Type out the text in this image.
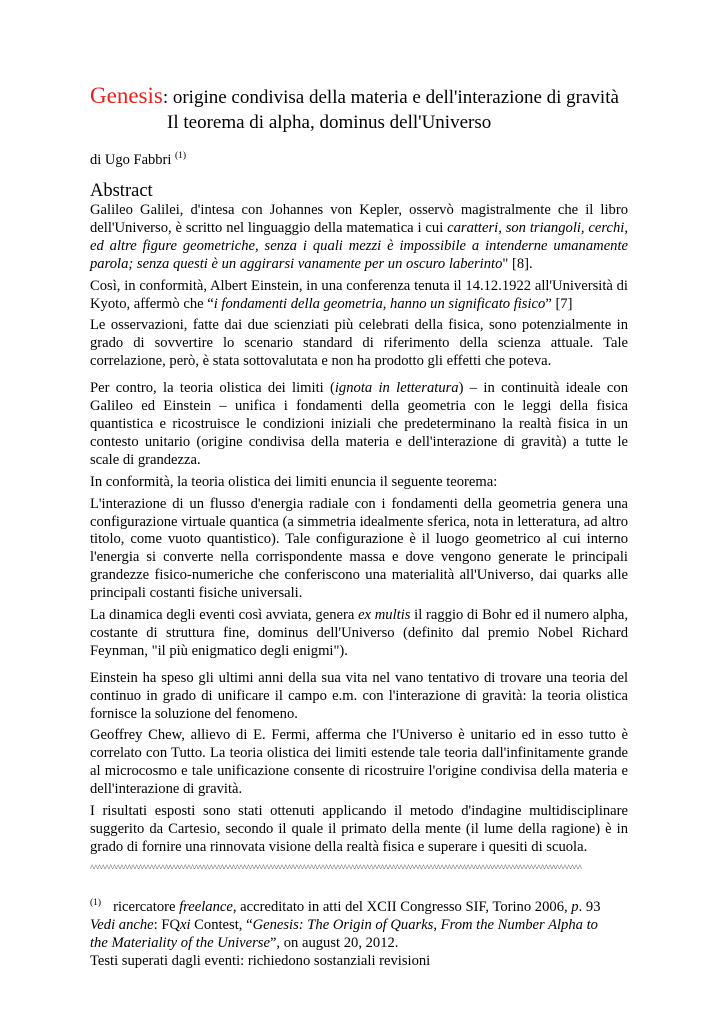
Genesis: origine condivisa della materia e dell'interazione di gravità
Il teorema di alpha, dominus dell'Universo
di Ugo Fabbri $^{(1)}$
Abstract

Galileo Galilei, d'intesa con Johannes von Kepler, osservò magistralmente che il libro dell'Universo, è scritto nel linguaggio della matematica i cui caratteri, son triangoli, cerchi, ed altre figure geometriche, senza i quali mezzi è impossibile a intenderne umanamente parola; senza questi è un aggirarsi vanamente per un oscuro laberinto" [8].

Così, in conformità, Albert Einstein, in una conferenza tenuta il 14.12.1922 all'Università di Kyoto, affermò che “i fondamenti della geometria, hanno un significato fisico” [7]

Le osservazioni, fatte dai due scienziati più celebrati della fisica, sono potenzialmente in grado di sovvertire lo scenario standard di riferimento della scienza attuale. Tale correlazione, però, è stata sottovalutata e non ha prodotto gli effetti che poteva.

Per contro, la teoria olistica dei limiti (ignota in letteratura) – in continuità ideale con Galileo ed Einstein – unifica i fondamenti della geometria con le leggi della fisica quantistica e ricostruisce le condizioni iniziali che predeterminano la realtà fisica in un contesto unitario (origine condivisa della materia e dell'interazione di gravità) a tutte le scale di grandezza.

In conformità, la teoria olistica dei limiti enuncia il seguente teorema:

L'interazione di un flusso d'energia radiale con i fondamenti della geometria genera una configurazione virtuale quantica (a simmetria idealmente sferica, nota in letteratura, ad altro titolo, come vuoto quantistico). Tale configurazione è il luogo geometrico al cui interno l'energia si converte nella corrispondente massa e dove vengono generate le principali grandezze fisico-numeriche che conferiscono una materialità all'Universo, dai quarks alle principali costanti fisiche universali.

La dinamica degli eventi così avviata, genera ex multis il raggio di Bohr ed il numero alpha, costante di struttura fine, dominus dell'Universo (definito dal premio Nobel Richard Feynman, "il più enigmatico degli enigmi").

Einstein ha speso gli ultimi anni della sua vita nel vano tentativo di trovare una teoria del continuo in grado di unificare il campo e.m. con l'interazione di gravità: la teoria olistica fornisce la soluzione del fenomeno.

Geoffrey Chew, allievo di E. Fermi, afferma che l'Universo è unitario ed in esso tutto è correlato con Tutto. La teoria olistica dei limiti estende tale teoria dall'infinitamente grande al microcosmo e tale unificazione consente di ricostruire l'origine condivisa della materia e dell'interazione di gravità.

I risultati esposti sono stati ottenuti applicando il metodo d'indagine multidisciplinare suggerito da Cartesio, secondo il quale il primato della mente (il lume della ragione) è in grado di fornire una rinnovata visione della realtà fisica e superare i quesiti di scuola.

^^^^^^^^^^^^^^^^^^^^^^^^^^^^^^^^^^^^^^^^^^^^^^^^^^^^^^^^^^^^^^^^^^^^^^^^^^^^^^^^^^^^^^^^^^^^^^^^^^^^^^^^^^^^^^^^^^^^^^^^^^^^^^^^^^^^
$^{(1)}$ ricercatore freelance, accreditato in atti del XCII Congresso SIF, Torino 2006, p. 93
Vedi anche: FQxi Contest, “Genesis: The Origin of Quarks, From the Number Alpha to
the Materiality of the Universe”, on august 20, 2012.
Testi superati dagli eventi: richiedono sostanziali revisioni
